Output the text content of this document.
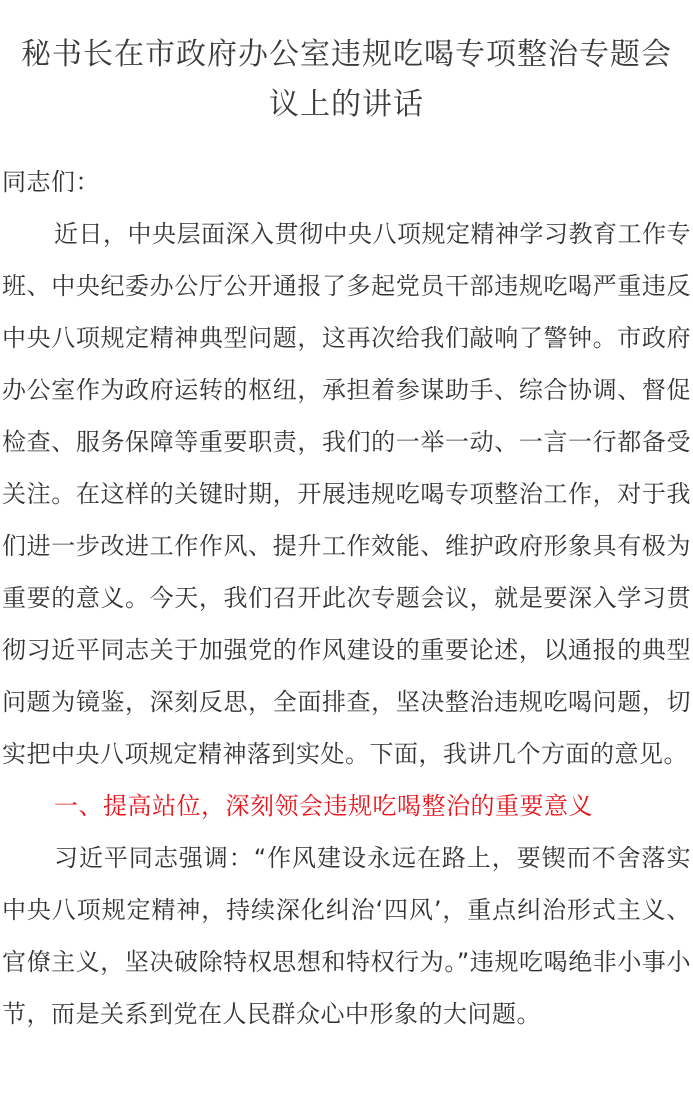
秘书长在市政府办公室违规吃喝专项整治专题会议上的讲话

同志们：

近日，中央层面深入贯彻中央八项规定精神学习教育工作专班、中央纪委办公厅公开通报了多起党员干部违规吃喝严重违反中央八项规定精神典型问题，这再次给我们敲响了警钟。市政府办公室作为政府运转的枢纽，承担着参谋助手、综合协调、督促检查、服务保障等重要职责，我们的一举一动、一言一行都备受关注。在这样的关键时期，开展违规吃喝专项整治工作，对于我们进一步改进工作作风、提升工作效能、维护政府形象具有极为重要的意义。今天，我们召开此次专题会议，就是要深入学习贯彻习近平同志关于加强党的作风建设的重要论述，以通报的典型问题为镜鉴，深刻反思，全面排查，坚决整治违规吃喝问题，切实把中央八项规定精神落到实处。下面，我讲几个方面的意见。

一、提高站位，深刻领会违规吃喝整治的重要意义

习近平同志强调：“作风建设永远在路上，要锲而不舍落实中央八项规定精神，持续深化纠治‘四风’，重点纠治形式主义、官僚主义，坚决破除特权思想和特权行为。”违规吃喝绝非小事小节，而是关系到党在人民群众心中形象的大问题。
